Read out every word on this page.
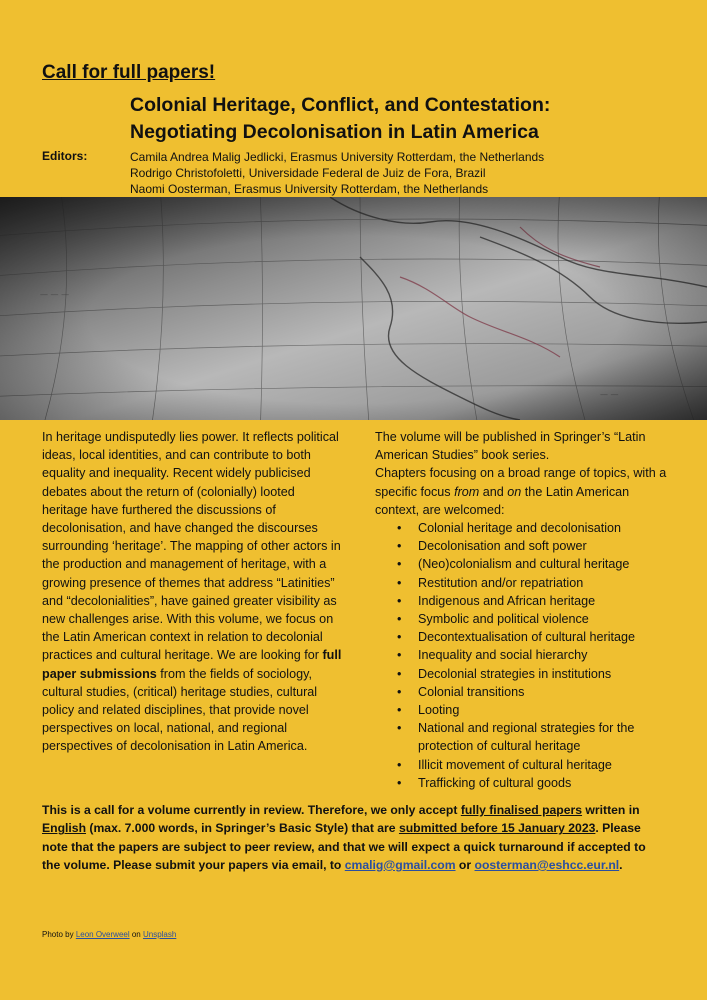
Call for full papers!
Colonial Heritage, Conflict, and Contestation:
Negotiating Decolonisation in Latin America
Editors:	Camila Andrea Malig Jedlicki, Erasmus University Rotterdam, the Netherlands
Rodrigo Christofoletti, Universidade Federal de Juiz de Fora, Brazil
Naomi Oosterman, Erasmus University Rotterdam, the Netherlands

In heritage undisputedly lies power. It reflects political ideas, local identities, and can contribute to both equality and inequality. Recent widely publicised debates about the return of (colonially) looted heritage have furthered the discussions of decolonisation, and have changed the discourses surrounding ‘heritage’. The mapping of other actors in the production and management of heritage, with a growing presence of themes that address “Latinities” and “decolonialities”, have gained greater visibility as new challenges arise. With this volume, we focus on the Latin American context in relation to decolonial practices and cultural heritage. We are looking for full paper submissions from the fields of sociology, cultural studies, (critical) heritage studies, cultural policy and related disciplines, that provide novel perspectives on local, national, and regional perspectives of decolonisation in Latin America.

The volume will be published in Springer’s “Latin American Studies” book series.

Chapters focusing on a broad range of topics, with a specific focus from and on the Latin American context, are welcomed:

• Colonial heritage and decolonisation
• Decolonisation and soft power
• (Neo)colonialism and cultural heritage
• Restitution and/or repatriation
• Indigenous and African heritage
• Symbolic and political violence
• Decontextualisation of cultural heritage
• Inequality and social hierarchy
• Decolonial strategies in institutions
• Colonial transitions
• Looting
• National and regional strategies for the protection of cultural heritage
• Illicit movement of cultural heritage
• Trafficking of cultural goods

This is a call for a volume currently in review. Therefore, we only accept fully finalised papers written in English (max. 7.000 words, in Springer’s Basic Style) that are submitted before 15 January 2023. Please note that the papers are subject to peer review, and that we will expect a quick turnaround if accepted to the volume. Please submit your papers via email, to cmalig@gmail.com or oosterman@eshcc.eur.nl.

Photo by Leon Overweel on Unsplash
